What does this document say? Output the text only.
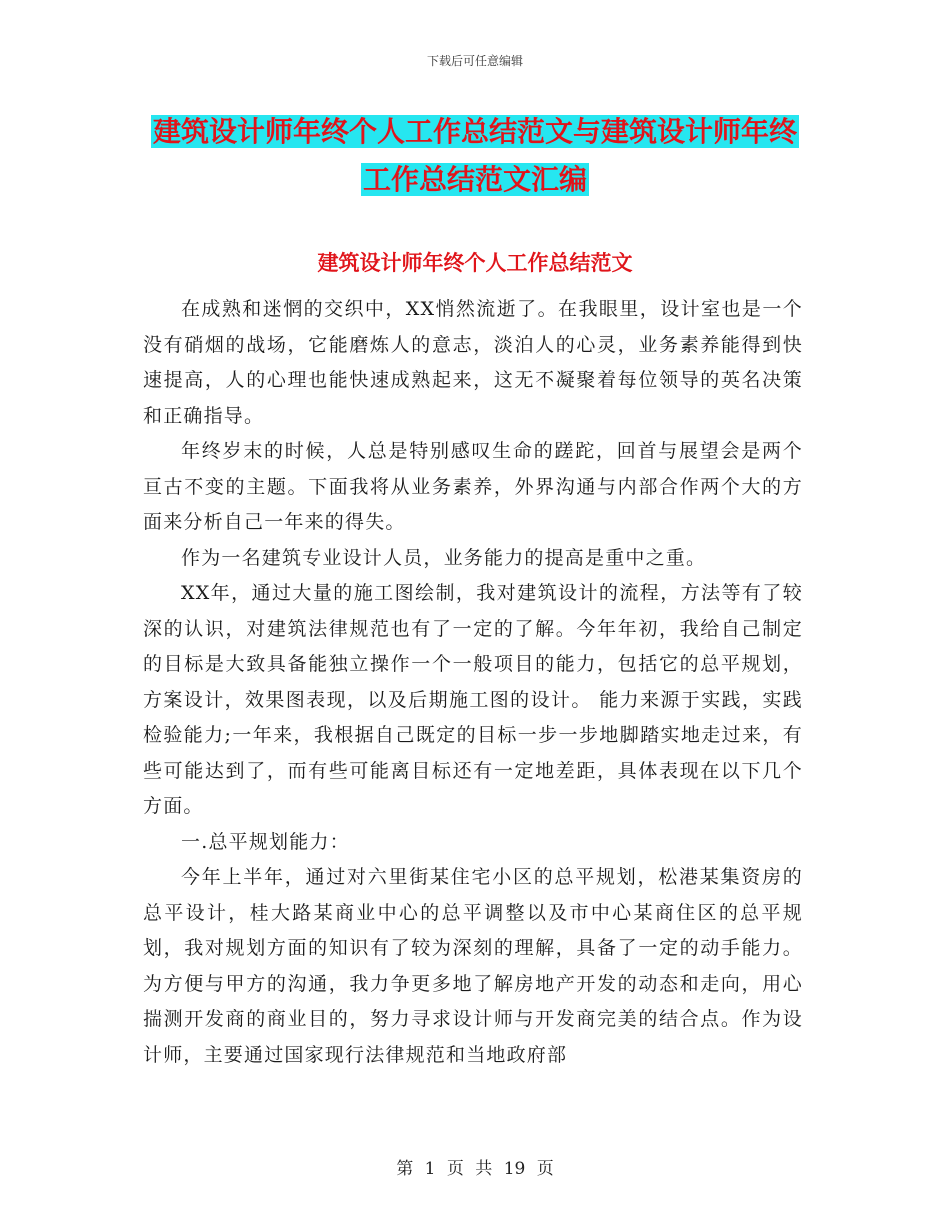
下载后可任意编辑
建筑设计师年终个人工作总结范文与建筑设计师年终
工作总结范文汇编
建筑设计师年终个人工作总结范文

在成熟和迷惘的交织中，XX悄然流逝了。在我眼里，设计室也是一个没有硝烟的战场，它能磨炼人的意志，淡泊人的心灵，业务素养能得到快速提高，人的心理也能快速成熟起来，这无不凝聚着每位领导的英名决策和正确指导。

年终岁末的时候，人总是特别感叹生命的蹉跎，回首与展望会是两个亘古不变的主题。下面我将从业务素养，外界沟通与内部合作两个大的方面来分析自己一年来的得失。

作为一名建筑专业设计人员，业务能力的提高是重中之重。

XX年，通过大量的施工图绘制，我对建筑设计的流程，方法等有了较深的认识，对建筑法律规范也有了一定的了解。今年年初，我给自己制定的目标是大致具备能独立操作一个一般项目的能力，包括它的总平规划，方案设计，效果图表现，以及后期施工图的设计。 能力来源于实践，实践检验能力;一年来，我根据自己既定的目标一步一步地脚踏实地走过来，有些可能达到了，而有些可能离目标还有一定地差距，具体表现在以下几个方面。

一.总平规划能力：

今年上半年，通过对六里街某住宅小区的总平规划，松港某集资房的总平设计，桂大路某商业中心的总平调整以及市中心某商住区的总平规划，我对规划方面的知识有了较为深刻的理解，具备了一定的动手能力。为方便与甲方的沟通，我力争更多地了解房地产开发的动态和走向，用心揣测开发商的商业目的，努力寻求设计师与开发商完美的结合点。作为设计师，主要通过国家现行法律规范和当地政府部

第 1 页 共 19 页
